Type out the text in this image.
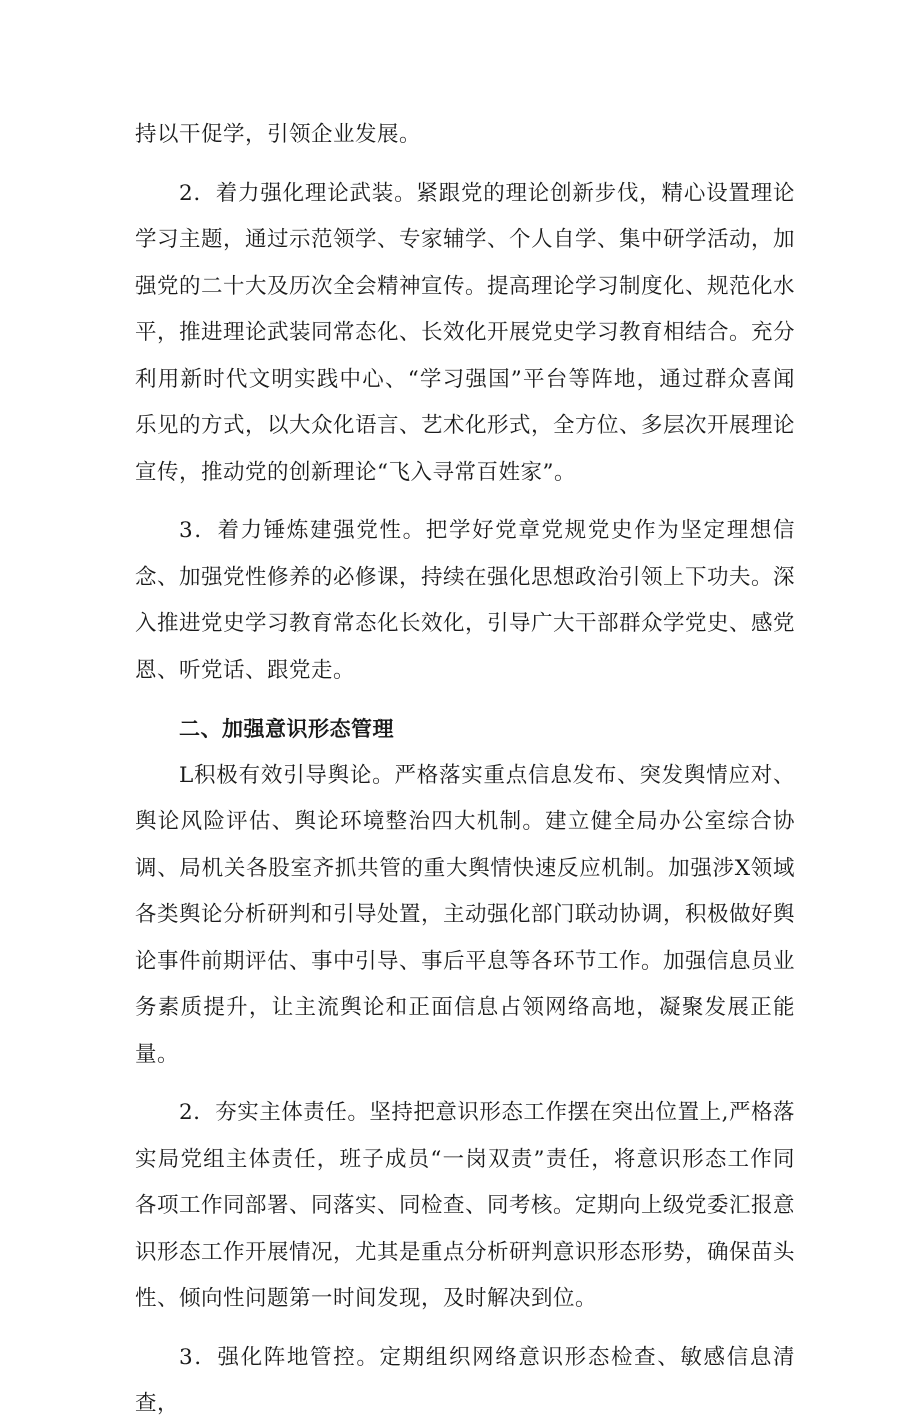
持以干促学，引领企业发展。

2．着力强化理论武装。紧跟党的理论创新步伐，精心设置理论学习主题，通过示范领学、专家辅学、个人自学、集中研学活动，加强党的二十大及历次全会精神宣传。提高理论学习制度化、规范化水平，推进理论武装同常态化、长效化开展党史学习教育相结合。充分利用新时代文明实践中心、“学习强国”平台等阵地，通过群众喜闻乐见的方式，以大众化语言、艺术化形式，全方位、多层次开展理论宣传，推动党的创新理论“飞入寻常百姓家”。

3．着力锤炼建强党性。把学好党章党规党史作为坚定理想信念、加强党性修养的必修课，持续在强化思想政治引领上下功夫。深入推进党史学习教育常态化长效化，引导广大干部群众学党史、感党恩、听党话、跟党走。

二、加强意识形态管理

L积极有效引导舆论。严格落实重点信息发布、突发舆情应对、舆论风险评估、舆论环境整治四大机制。建立健全局办公室综合协调、局机关各股室齐抓共管的重大舆情快速反应机制。加强涉X领域各类舆论分析研判和引导处置，主动强化部门联动协调，积极做好舆论事件前期评估、事中引导、事后平息等各环节工作。加强信息员业务素质提升，让主流舆论和正面信息占领网络高地，凝聚发展正能量。

2．夯实主体责任。坚持把意识形态工作摆在突出位置上,严格落实局党组主体责任，班子成员“一岗双责”责任，将意识形态工作同各项工作同部署、同落实、同检查、同考核。定期向上级党委汇报意识形态工作开展情况，尤其是重点分析研判意识形态形势，确保苗头性、倾向性问题第一时间发现，及时解决到位。

3．强化阵地管控。定期组织网络意识形态检查、敏感信息清查，
